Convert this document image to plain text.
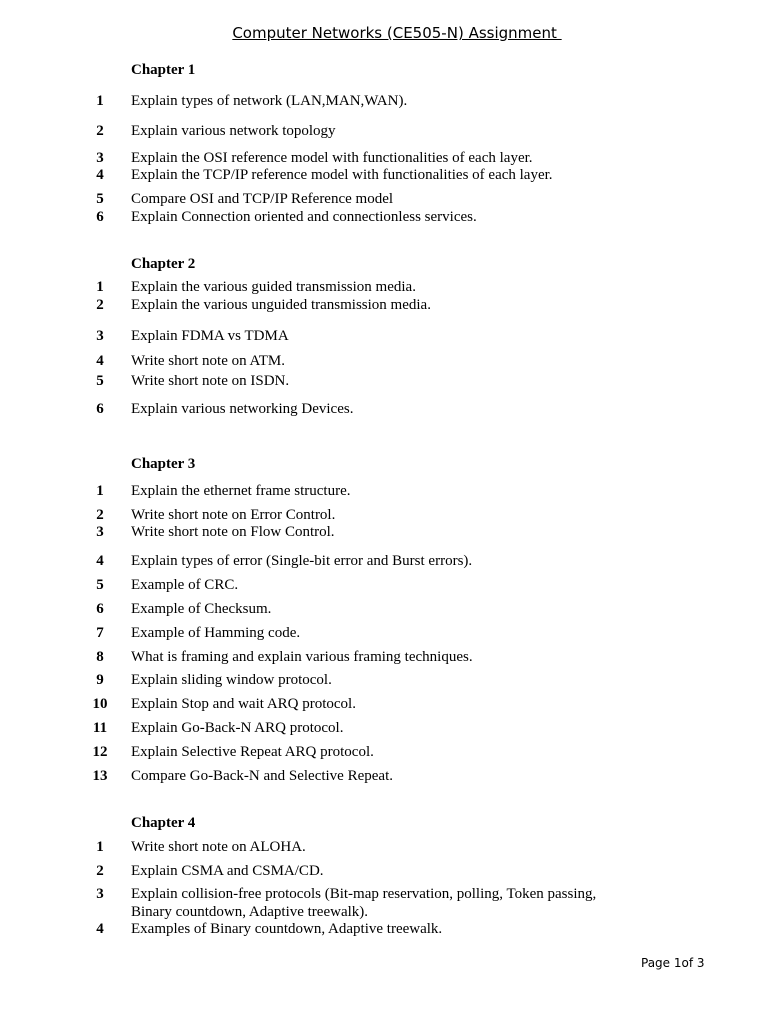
Computer Networks (CE505-N) Assignment
Chapter 1
1	Explain types of network (LAN,MAN,WAN).
2	Explain various network topology
3	Explain the OSI reference model with functionalities of each layer.
4	Explain the TCP/IP reference model with functionalities of each layer.
5	Compare OSI and TCP/IP Reference model
6	Explain Connection oriented and connectionless services.
Chapter 2
1	Explain the various guided transmission media.
2	Explain the various unguided transmission media.
3	Explain FDMA vs TDMA
4	Write short note on ATM.
5	Write short note on ISDN.
6	Explain various networking Devices.
Chapter 3
1	Explain the ethernet frame structure.
2	Write short note on Error Control.
3	Write short note on Flow Control.
4	Explain types of error (Single-bit error and Burst errors).
5	Example of CRC.
6	Example of Checksum.
7	Example of Hamming code.
8	What is framing and explain various framing techniques.
9	Explain sliding window protocol.
10	Explain Stop and wait ARQ protocol.
11	Explain Go-Back-N ARQ protocol.
12	Explain Selective Repeat ARQ protocol.
13	Compare Go-Back-N and Selective Repeat.
Chapter 4
1	Write short note on ALOHA.
2	Explain CSMA and CSMA/CD.
3	Explain collision-free protocols (Bit-map reservation, polling, Token passing, Binary countdown, Adaptive treewalk).
4	Examples of Binary countdown, Adaptive treewalk.
Page 1of 3
